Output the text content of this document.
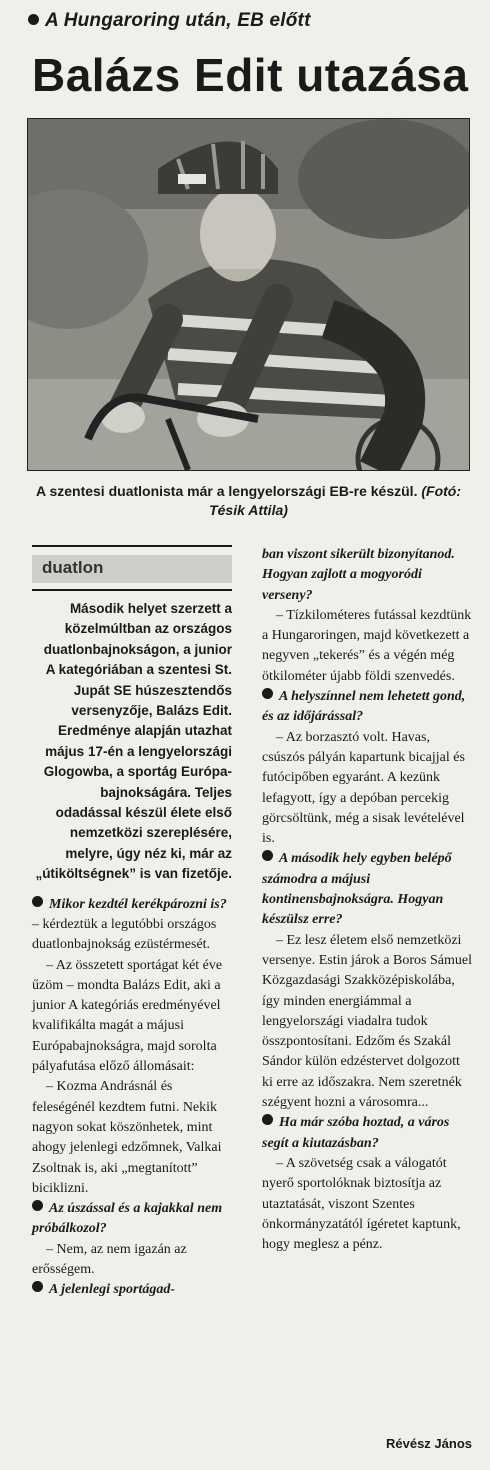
A Hungaroring után, EB előtt
Balázs Edit utazása
A szentesi duatlonista már a lengyelországi EB-re készül. (Fotó: Tésik Attila)
duatlon

Második helyet szerzett a közelmúltban az országos duatlonbajnokságon, a junior A kategóriában a szentesi St. Jupát SE húszesztendős versenyzője, Balázs Edit. Eredménye alapján utazhat május 17-én a lengyelországi Glogowba, a sportág Európa-bajnokságára. Teljes odadással készül élete első nemzetközi szereplésére, melyre, úgy néz ki, már az „útiköltségnek” is van fizetője.

Mikor kezdtél kerékpározni is? – kérdeztük a legutóbbi országos duatlonbajnokság ezüstérmesét.

– Az összetett sportágat két éve űzöm – mondta Balázs Edit, aki a junior A kategóriás eredményével kvalifikálta magát a májusi Európabajnokságra, majd sorolta pályafutása előző állomásait:

– Kozma Andrásnál és feleségénél kezdtem futni. Nekik nagyon sokat köszönhetek, mint ahogy jelenlegi edzőmnek, Valkai Zsoltnak is, aki „megtanított” biciklizni.

Az úszással és a kajakkal nem próbálkozol?

– Nem, az nem igazán az erősségem.

A jelenlegi sportágad-

ban viszont sikerült bizonyítanod. Hogyan zajlott a mogyoródi verseny?

– Tízkilométeres futással kezdtünk a Hungaroringen, majd következett a negyven „tekerés” és a végén még ötkilométer újabb földi szenvedés.

A helyszínnel nem lehetett gond, és az időjárással?

– Az borzasztó volt. Havas, csúszós pályán kapartunk bicajjal és futócipőben egyaránt. A kezünk lefagyott, így a depóban percekig görcsöltünk, még a sisak levételével is.

A második hely egyben belépő számodra a májusi kontinensbajnokságra. Hogyan készülsz erre?

– Ez lesz életem első nemzetközi versenye. Estin járok a Boros Sámuel Közgazdasági Szakközépiskolába, így minden energiámmal a lengyelországi viadalra tudok összpontosítani. Edzőm és Szakál Sándor külön edzéstervet dolgozott ki erre az időszakra. Nem szeretnék szégyent hozni a városomra...

Ha már szóba hoztad, a város segít a kiutazásban?

– A szövetség csak a válogatót nyerő sportolóknak biztosítja az utaztatását, viszont Szentes önkormányzatától ígéretet kaptunk, hogy meglesz a pénz.

Révész János
